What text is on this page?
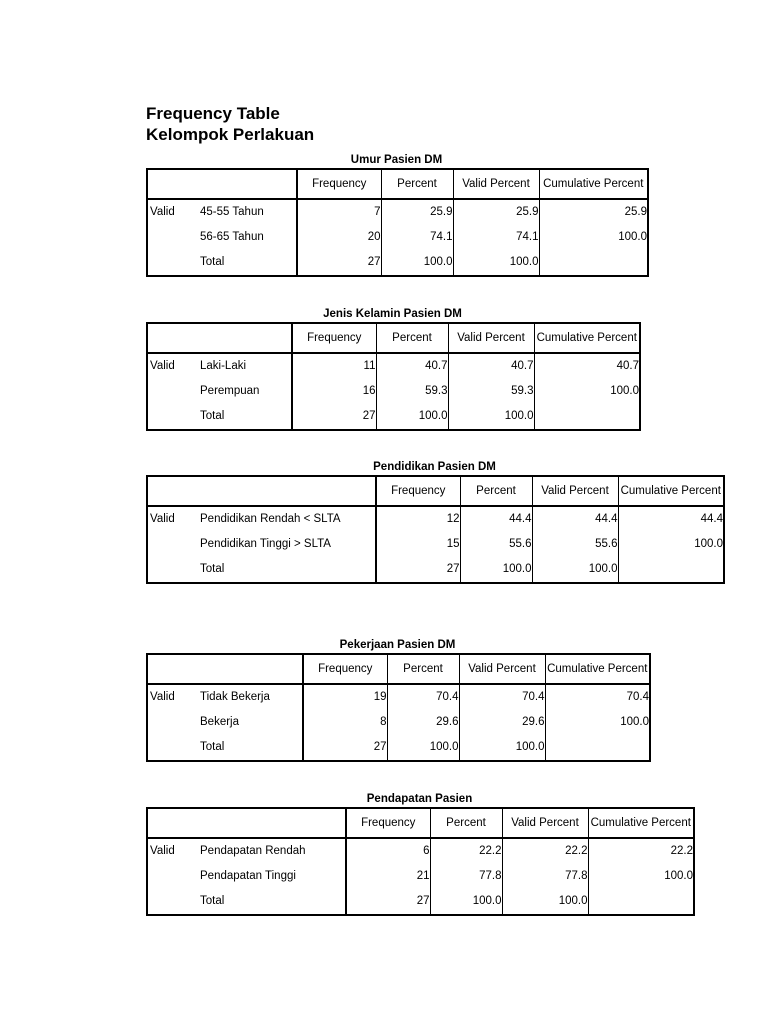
Frequency Table
Kelompok Perlakuan
Umur Pasien DM
		Frequency	Percent	Valid Percent	Cumulative Percent
Valid	45-55 Tahun	7	25.9	25.9	25.9
	56-65 Tahun	20	74.1	74.1	100.0
	Total	27	100.0	100.0	
Jenis Kelamin Pasien DM
		Frequency	Percent	Valid Percent	Cumulative Percent
Valid	Laki-Laki	11	40.7	40.7	40.7
	Perempuan	16	59.3	59.3	100.0
	Total	27	100.0	100.0	
Pendidikan Pasien DM
		Frequency	Percent	Valid Percent	Cumulative Percent
Valid	Pendidikan Rendah < SLTA	12	44.4	44.4	44.4
	Pendidikan Tinggi > SLTA	15	55.6	55.6	100.0
	Total	27	100.0	100.0	
Pekerjaan Pasien DM
		Frequency	Percent	Valid Percent	Cumulative Percent
Valid	Tidak Bekerja	19	70.4	70.4	70.4
	Bekerja	8	29.6	29.6	100.0
	Total	27	100.0	100.0	
Pendapatan Pasien
		Frequency	Percent	Valid Percent	Cumulative Percent
Valid	Pendapatan Rendah	6	22.2	22.2	22.2
	Pendapatan Tinggi	21	77.8	77.8	100.0
	Total	27	100.0	100.0	
